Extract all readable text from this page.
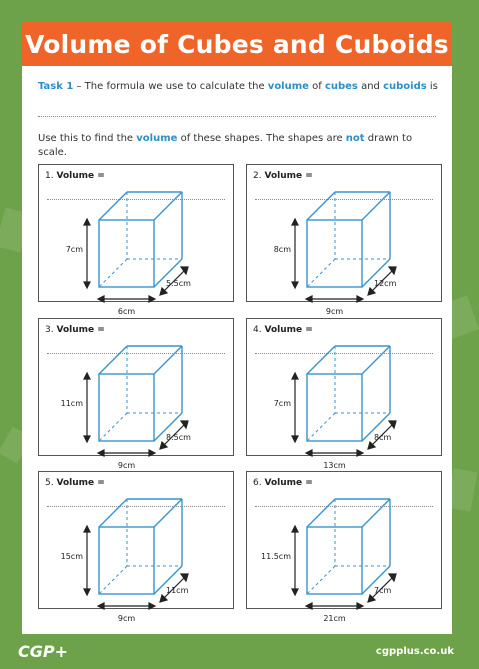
Volume of Cubes and Cuboids
Task 1 – The formula we use to calculate the volume of cubes and cuboids is
Use this to find the volume of these shapes. The shapes are not drawn to scale.
1. Volume =
7cm
6cm
5.5cm
2. Volume =
8cm
9cm
12cm
3. Volume =
11cm
9cm
8.5cm
4. Volume =
7cm
13cm
8cm
5. Volume =
15cm
9cm
11cm
6. Volume =
11.5cm
21cm
7cm
CGP+	cgpplus.co.uk
